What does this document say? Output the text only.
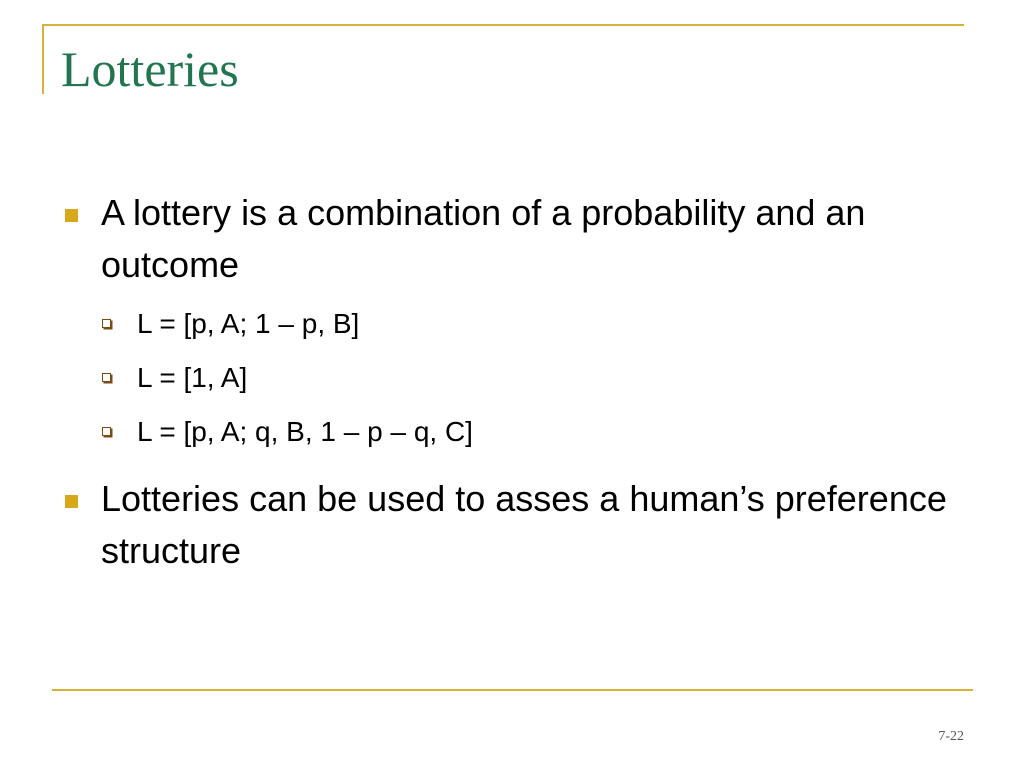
Lotteries
A lottery is a combination of a probability and an outcome
L = [p, A; 1 – p, B]
L = [1, A]
L = [p, A; q, B, 1 – p – q, C]
Lotteries can be used to asses a human’s preference structure
7-22
